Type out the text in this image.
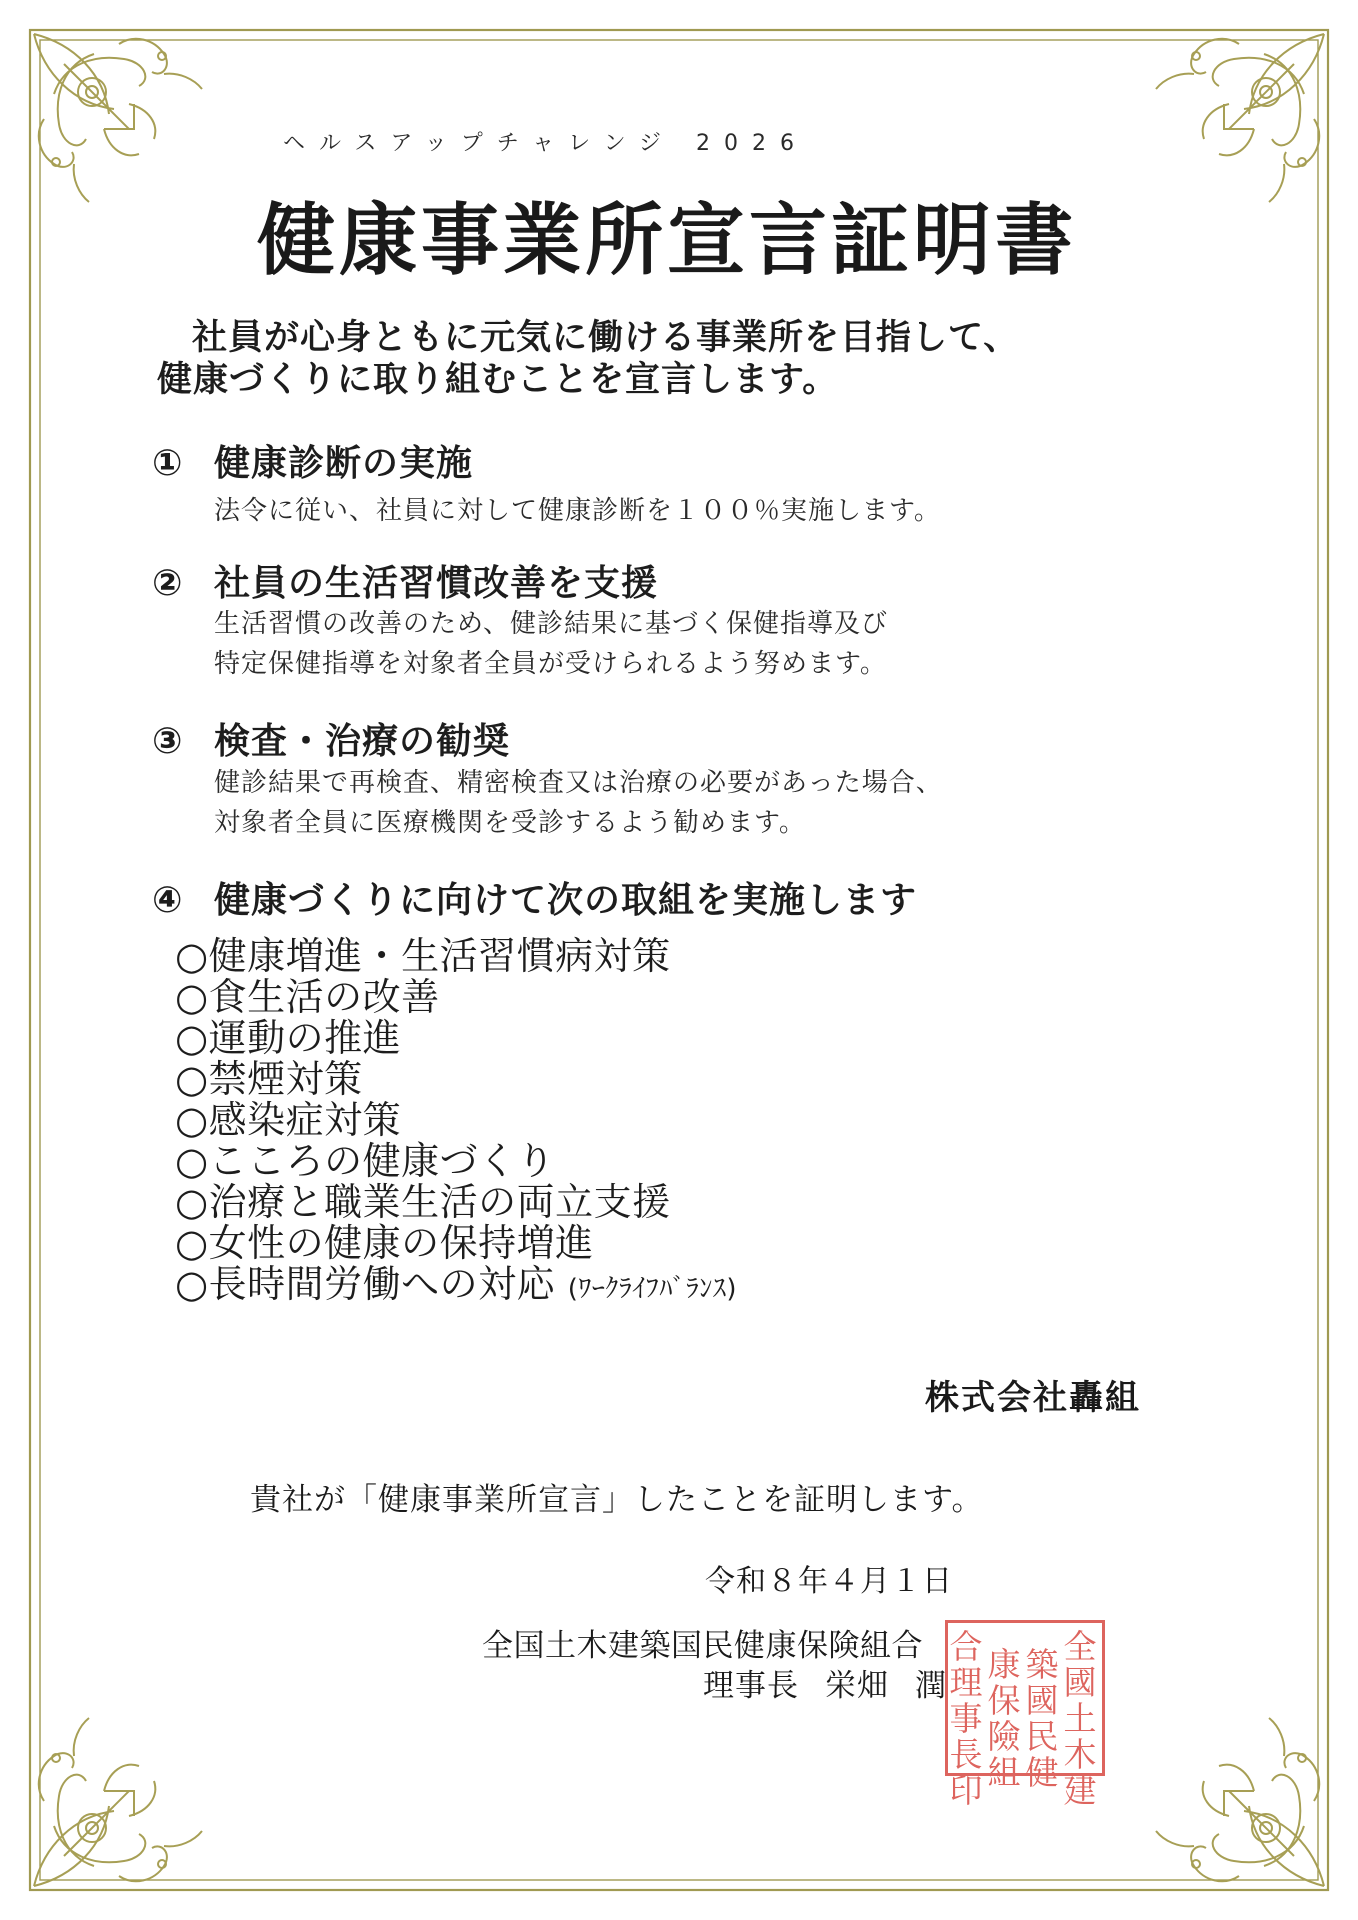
ヘルスアップチャレンジ 2026
健康事業所宣言証明書
社員が心身ともに元気に働ける事業所を目指して、
健康づくりに取り組むことを宣言します。
① 健康診断の実施
法令に従い、社員に対して健康診断を１００％実施します。
② 社員の生活習慣改善を支援
生活習慣の改善のため、健診結果に基づく保健指導及び
特定保健指導を対象者全員が受けられるよう努めます。
③ 検査・治療の勧奨
健診結果で再検査、精密検査又は治療の必要があった場合、
対象者全員に医療機関を受診するよう勧めます。
④ 健康づくりに向けて次の取組を実施します
○健康増進・生活習慣病対策
○食生活の改善
○運動の推進
○禁煙対策
○感染症対策
○こころの健康づくり
○治療と職業生活の両立支援
○女性の健康の保持増進
○長時間労働への対応 (ﾜｰｸﾗｲﾌﾊﾞﾗﾝｽ)
株式会社轟組
貴社が「健康事業所宣言」したことを証明します。
令和８年４月１日
全国土木建築国民健康保険組合
理事長 栄畑 潤
全國土木建
築國民健
康保險組
合理事長印
